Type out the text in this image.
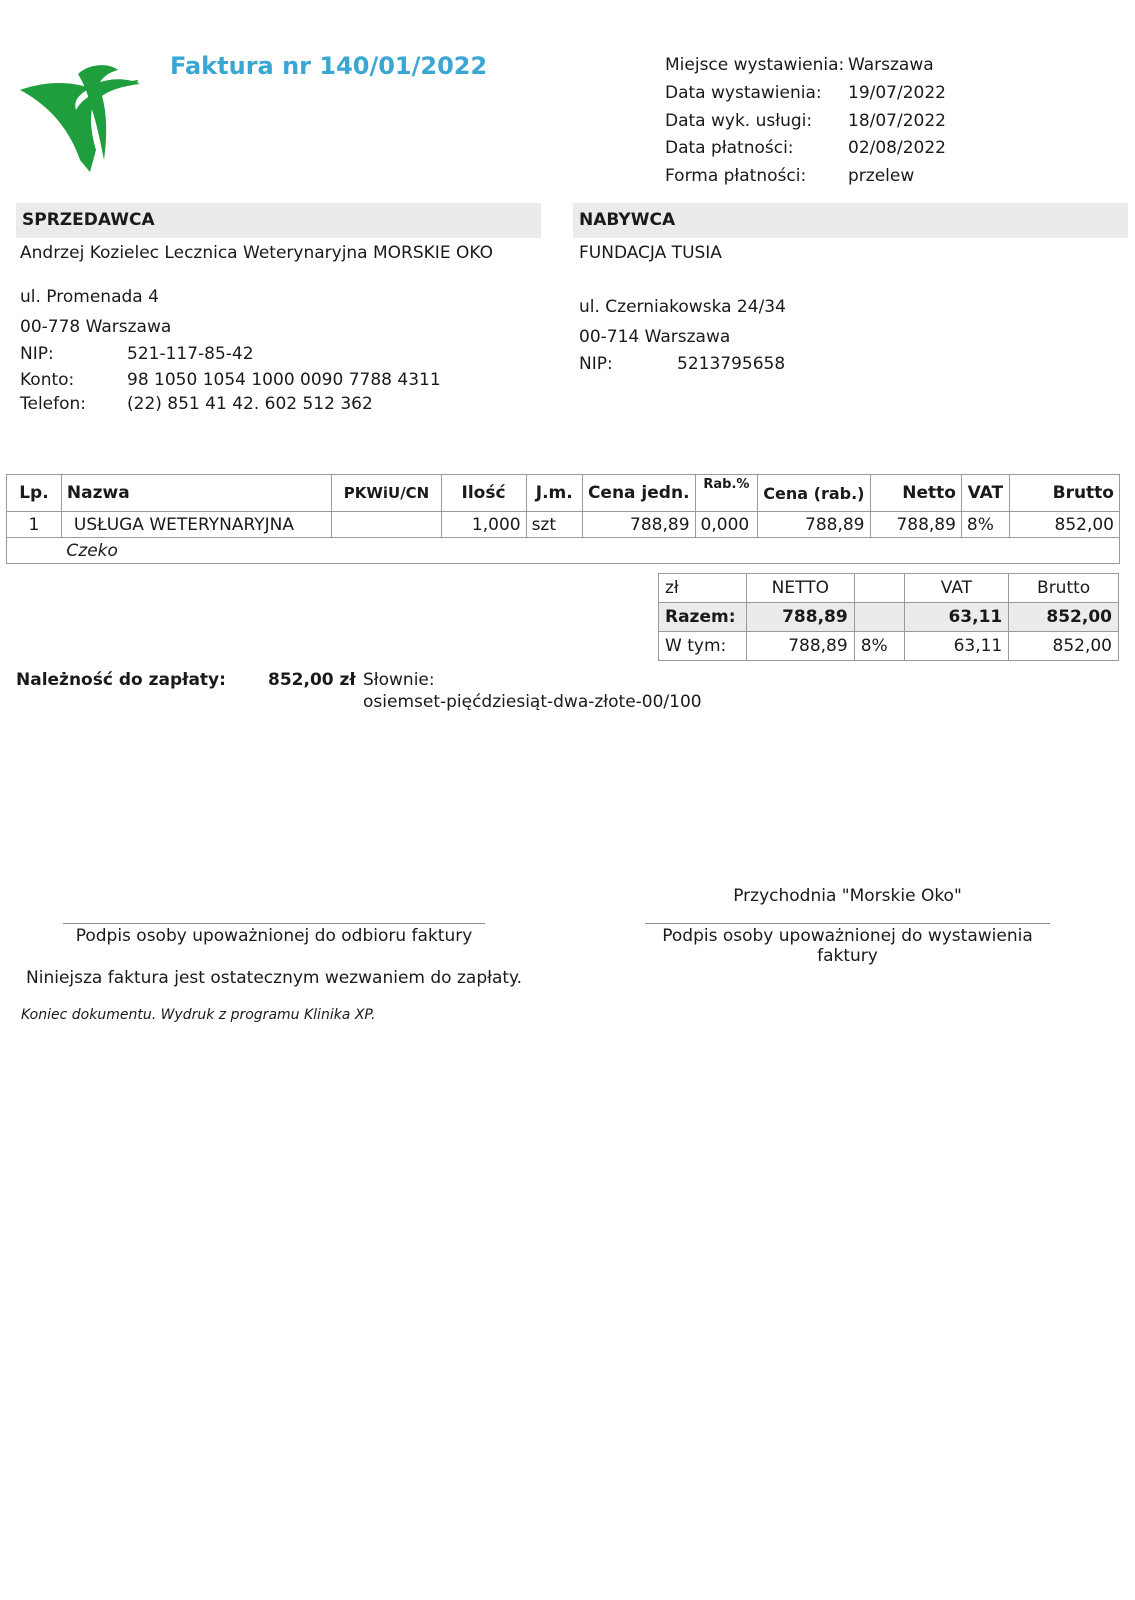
Faktura nr 140/01/2022	Miejsce wystawienia: Warszawa
Data wystawienia:	19/07/2022
Data wyk. usługi:	18/07/2022
Data płatności:	02/08/2022
Forma płatności:	przelew
SPRZEDAWCA
Andrzej Kozielec Lecznica Weterynaryjna MORSKIE OKO
ul. Promenada 4
00-778 Warszawa
NIP:	521-117-85-42
Konto:	98 1050 1054 1000 0090 7788 4311
Telefon:	(22) 851 41 42. 602 512 362
NABYWCA
FUNDACJA TUSIA
ul. Czerniakowska 24/34
00-714 Warszawa
NIP:	5213795658
Lp.	Nazwa	PKWiU/CN	Ilość	J.m.	Cena jedn.	Rab.%	Cena (rab.)	Netto	VAT	Brutto
1	USŁUGA WETERYNARYJNA		1,000	szt	788,89	0,000	788,89	788,89	8%	852,00
	Czeko									
zł	NETTO		VAT	Brutto
Razem:	788,89		63,11	852,00
W tym:	788,89	8%	63,11	852,00
Należność do zapłaty: 852,00 zł Słownie:
osiemset-pięćdziesiąt-dwa-złote-00/100
Przychodnia "Morskie Oko"
Podpis osoby upoważnionej do odbioru faktury	Podpis osoby upoważnionej do wystawienia
faktury
Niniejsza faktura jest ostatecznym wezwaniem do zapłaty.
Koniec dokumentu. Wydruk z programu Klinika XP.
